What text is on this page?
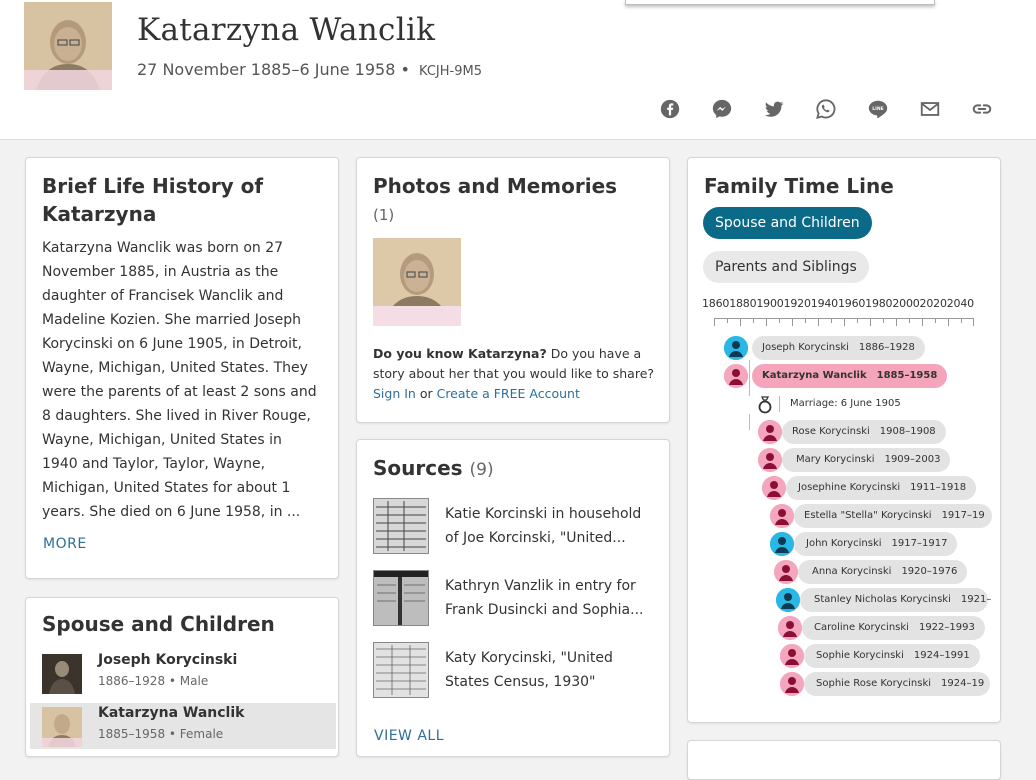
Katarzyna Wanclik
27 November 1885–6 June 1958 • KCJH-9M5
LINE
Brief Life History of
Katarzyna
Katarzyna Wanclik was born on 27
November 1885, in Austria as the
daughter of Francisek Wanclik and
Madeline Kozien. She married Joseph
Korycinski on 6 June 1905, in Detroit,
Wayne, Michigan, United States. They
were the parents of at least 2 sons and
8 daughters. She lived in River Rouge,
Wayne, Michigan, United States in
1940 and Taylor, Taylor, Wayne,
Michigan, United States for about 1
years. She died on 6 June 1958, in ...
MORE
Spouse and Children
Joseph Korycinski
1886–1928 • Male
Katarzyna Wanclik
1885–1958 • Female
Photos and Memories
(1)
Do you know Katarzyna? Do you have a
story about her that you would like to share?
Sign In or Create a FREE Account
Sources (9)
Katie Korcinski in household
of Joe Korcinski, "United...
Kathryn Vanzlik in entry for
Frank Dusincki and Sophia...
Katy Korycinski, "United
States Census, 1930"
VIEW ALL
Family Time Line
Spouse and Children
Parents and Siblings
1860188019001920194019601980200020202040
Joseph Korycinski 1886–1928
Katarzyna Wanclik 1885–1958
Marriage: 6 June 1905
Rose Korycinski 1908–1908
Mary Korycinski 1909–2003
Josephine Korycinski 1911–1918
Estella "Stella" Korycinski 1917–19
John Korycinski 1917–1917
Anna Korycinski 1920–1976
Stanley Nicholas Korycinski 1921–
Caroline Korycinski 1922–1993
Sophie Korycinski 1924–1991
Sophie Rose Korycinski 1924–19
